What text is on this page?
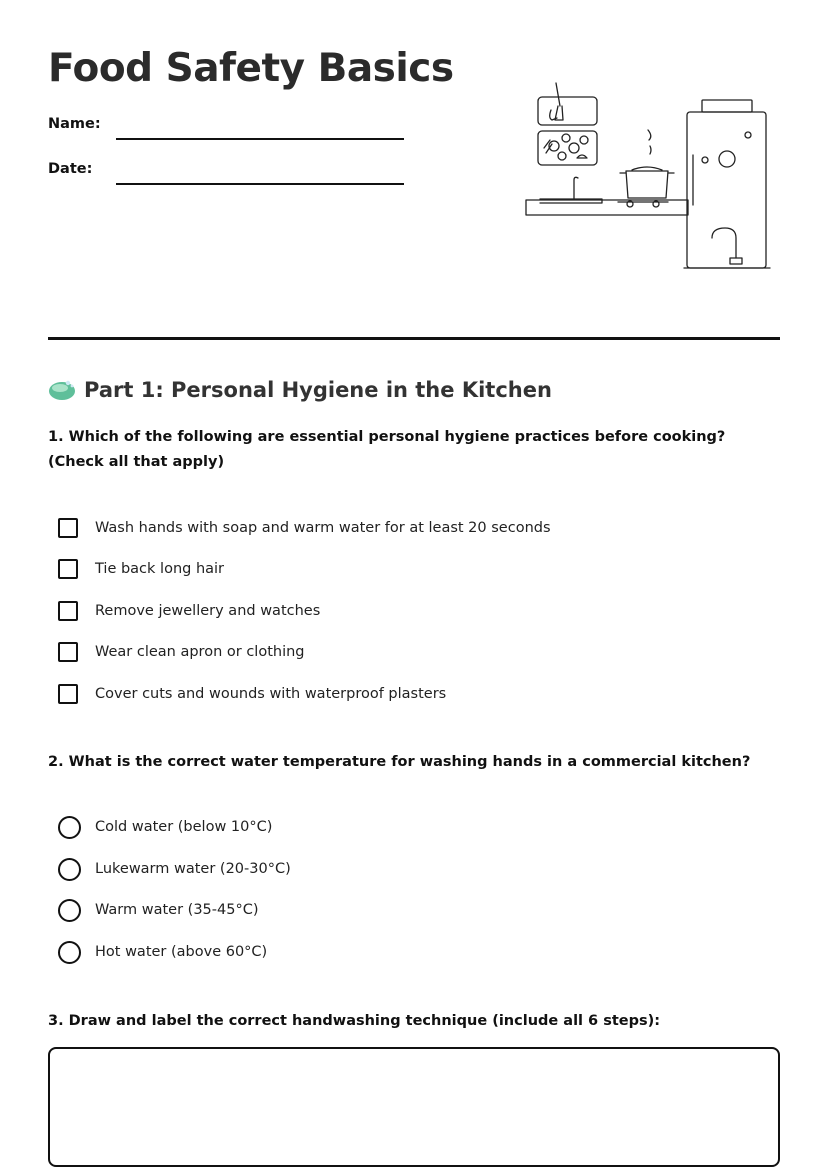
Food Safety Basics
Name:
Date:
Part 1: Personal Hygiene in the Kitchen
1. Which of the following are essential personal hygiene practices before cooking? (Check all that apply)
Wash hands with soap and warm water for at least 20 seconds
Tie back long hair
Remove jewellery and watches
Wear clean apron or clothing
Cover cuts and wounds with waterproof plasters
2. What is the correct water temperature for washing hands in a commercial kitchen?
Cold water (below 10°C)
Lukewarm water (20-30°C)
Warm water (35-45°C)
Hot water (above 60°C)
3. Draw and label the correct handwashing technique (include all 6 steps):
